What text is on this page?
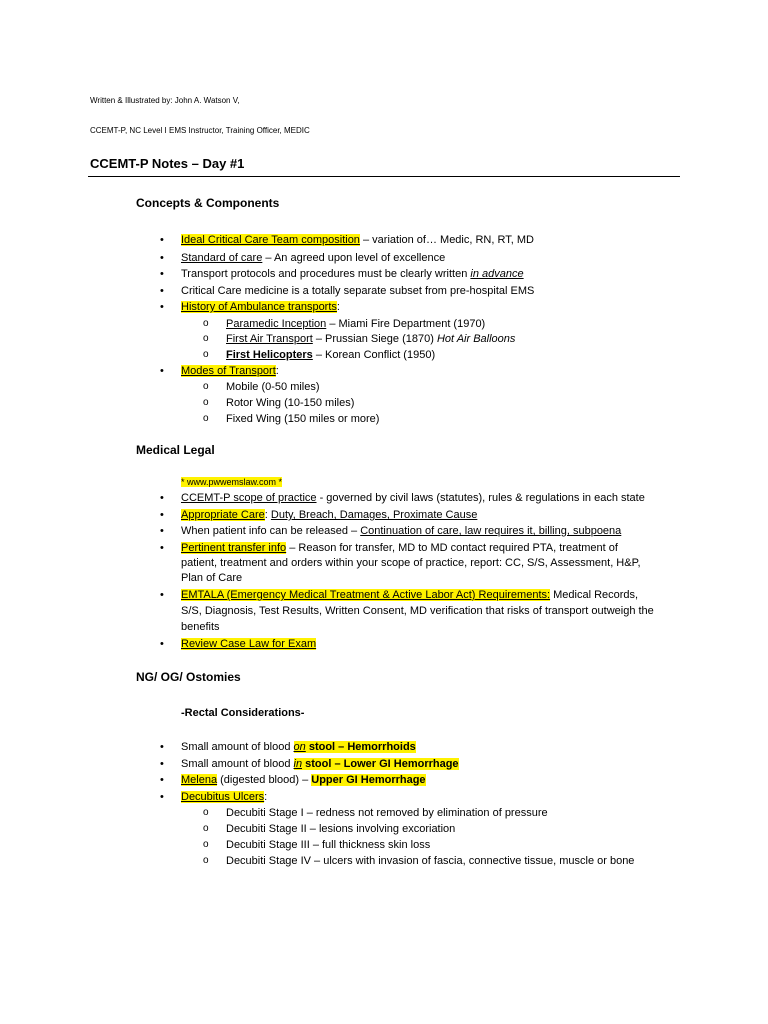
Written & Illustrated by: John A. Watson V,
CCEMT-P, NC Level I EMS Instructor, Training Officer, MEDIC
CCEMT-P Notes – Day #1
Concepts & Components
• Ideal Critical Care Team composition – variation of… Medic, RN, RT, MD
• Standard of care – An agreed upon level of excellence
• Transport protocols and procedures must be clearly written in advance
• Critical Care medicine is a totally separate subset from pre-hospital EMS
• History of Ambulance transports:
o Paramedic Inception – Miami Fire Department (1970)
o First Air Transport – Prussian Siege (1870) Hot Air Balloons
o First Helicopters – Korean Conflict (1950)
• Modes of Transport:
o Mobile (0-50 miles)
o Rotor Wing (10-150 miles)
o Fixed Wing (150 miles or more)
Medical Legal
* www.pwwemslaw.com *
• CCEMT-P scope of practice - governed by civil laws (statutes), rules & regulations in each state
• Appropriate Care: Duty, Breach, Damages, Proximate Cause
• When patient info can be released – Continuation of care, law requires it, billing, subpoena
• Pertinent transfer info – Reason for transfer, MD to MD contact required PTA, treatment of
patient, treatment and orders within your scope of practice, report: CC, S/S, Assessment, H&P,
Plan of Care
• EMTALA (Emergency Medical Treatment & Active Labor Act) Requirements: Medical Records,
S/S, Diagnosis, Test Results, Written Consent, MD verification that risks of transport outweigh the
benefits
• Review Case Law for Exam
NG/ OG/ Ostomies
-Rectal Considerations-
• Small amount of blood on stool – Hemorrhoids
• Small amount of blood in stool – Lower GI Hemorrhage
• Melena (digested blood) – Upper GI Hemorrhage
• Decubitus Ulcers:
o Decubiti Stage I – redness not removed by elimination of pressure
o Decubiti Stage II – lesions involving excoriation
o Decubiti Stage III – full thickness skin loss
o Decubiti Stage IV – ulcers with invasion of fascia, connective tissue, muscle or bone
